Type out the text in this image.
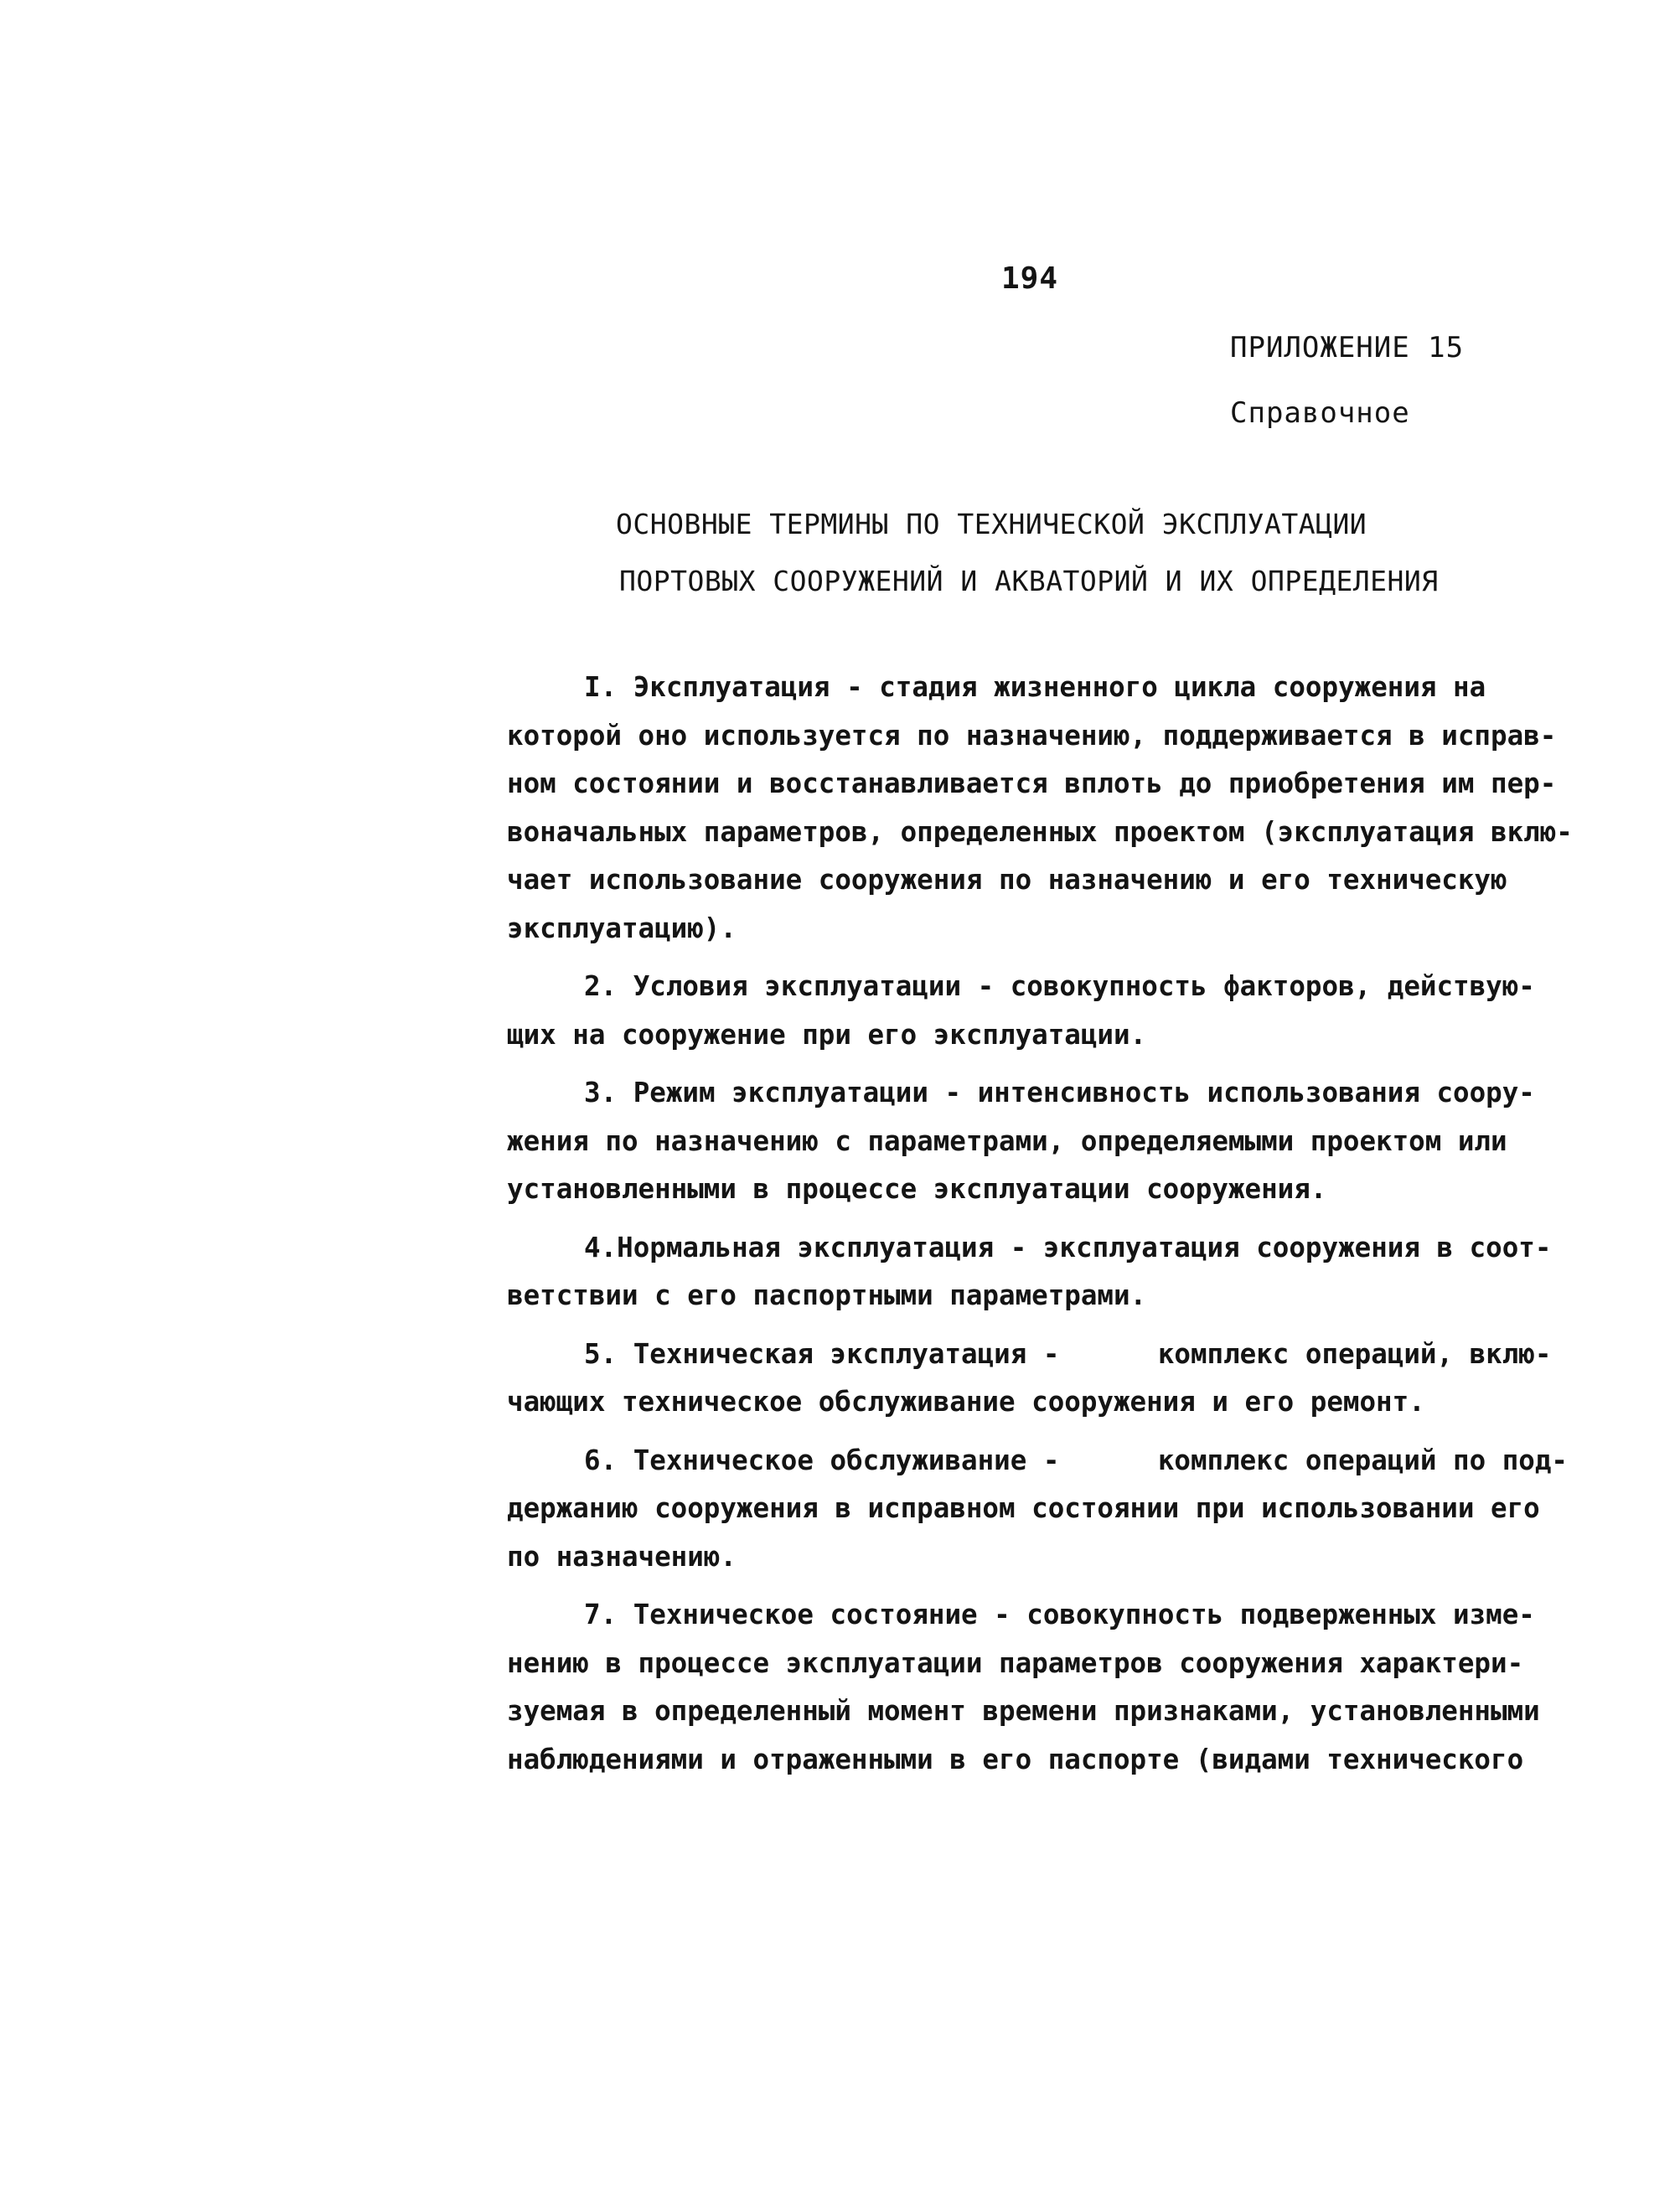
194
ПРИЛОЖЕНИЕ 15
Справочное
ОСНОВНЫЕ ТЕРМИНЫ ПО ТЕХНИЧЕСКОЙ ЭКСПЛУАТАЦИИ
ПОРТОВЫХ СООРУЖЕНИЙ И АКВАТОРИЙ И ИХ ОПРЕДЕЛЕНИЯ
I. Эксплуатация - стадия жизненного цикла сооружения на
которой оно используется по назначению, поддерживается в исправ-
ном состоянии и восстанавливается вплоть до приобретения им пер-
воначальных параметров, определенных проектом (эксплуатация вклю-
чает использование сооружения по назначению и его техническую
эксплуатацию).
2. Условия эксплуатации - совокупность факторов, действую-
щих на сооружение при его эксплуатации.
3. Режим эксплуатации - интенсивность использования соору-
жения по назначению с параметрами, определяемыми проектом или
установленными в процессе эксплуатации сооружения.
4.Нормальная эксплуатация - эксплуатация сооружения в соот-
ветствии с его паспортными параметрами.
5. Техническая эксплуатация -      комплекс операций, вклю-
чающих техническое обслуживание сооружения и его ремонт.
6. Техническое обслуживание -      комплекс операций по под-
держанию сооружения в исправном состоянии при использовании его
по назначению.
7. Техническое состояние - совокупность подверженных изме-
нению в процессе эксплуатации параметров сооружения характери-
зуемая в определенный момент времени признаками, установленными
наблюдениями и отраженными в его паспорте (видами технического
